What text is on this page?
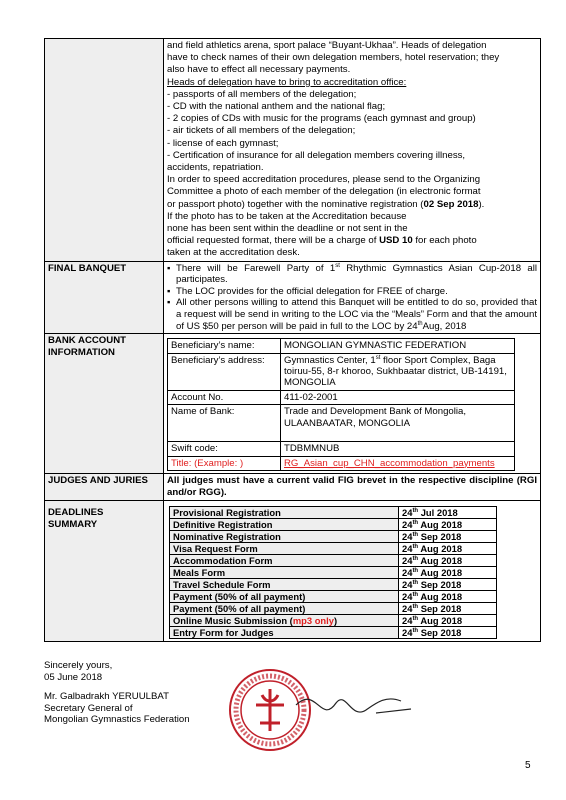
and field athletics arena, sport palace “Buyant-Ukhaa”. Heads of delegation
have to check names of their own delegation members, hotel reservation; they
also have to effect all necessary payments.
Heads of delegation have to bring to accreditation office:
- passports of all members of the delegation;
- CD with the national anthem and the national flag;
- 2 copies of CDs with music for the programs (each gymnast and group)
- air tickets of all members of the delegation;
- license of each gymnast;
- Certification of insurance for all delegation members covering illness,
accidents, repatriation.
In order to speed accreditation procedures, please send to the Organizing
Committee a photo of each member of the delegation (in electronic format
or passport photo) together with the nominative registration (02 Sep 2018).
If the photo has to be taken at the Accreditation because
none has been sent within the deadline or not sent in the
official requested format, there will be a charge of USD 10 for each photo
taken at the accreditation desk.

FINAL BANQUET	▪ There will be Farewell Party of 1st Rhythmic Gymnastics Asian Cup-2018 all participates.
▪ The LOC provides for the official delegation for FREE of charge.
▪ All other persons willing to attend this Banquet will be entitled to do so, provided that a request will be send in writing to the LOC via the “Meals” Form and that the amount of US $50 per person will be paid in full to the LOC by 24thAug, 2018

BANK ACCOUNT
INFORMATION

Beneficiary’s name:	MONGOLIAN GYMNASTIC FEDERATION
Beneficiary’s address:	Gymnastics Center, 1st floor Sport Complex, Baga toiruu-55, 8-r khoroo, Sukhbaatar district, UB-14191, MONGOLIA
Account No.	411-02-2001
Name of Bank:	Trade and Development Bank of Mongolia, ULAANBAATAR, MONGOLIA
Swift code:	TDBMMNUB
Title: (Example: )	RG_Asian_cup_CHN_accommodation_payments

JUDGES AND JURIES	All judges must have a current valid FIG brevet in the respective discipline (RGI and/or RGG).

DEADLINES
SUMMARY

Provisional Registration	24th Jul 2018	
Definitive Registration	24th Aug 2018	
Nominative Registration	24th Sep 2018	
Visa Request Form	24th Aug 2018	
Accommodation Form	24th Aug 2018	
Meals Form	24th Aug 2018	
Travel Schedule Form	24th Sep 2018	
Payment (50% of all payment)	24th Aug 2018	
Payment (50% of all payment)	24th Sep 2018	
Online Music Submission (mp3 only)	24th Aug 2018	
Entry Form for Judges	24th Sep 2018	
Sincerely yours,
05 June 2018
Mr. Galbadrakh YERUULBAT
Secretary General of
Mongolian Gymnastics Federation
5
